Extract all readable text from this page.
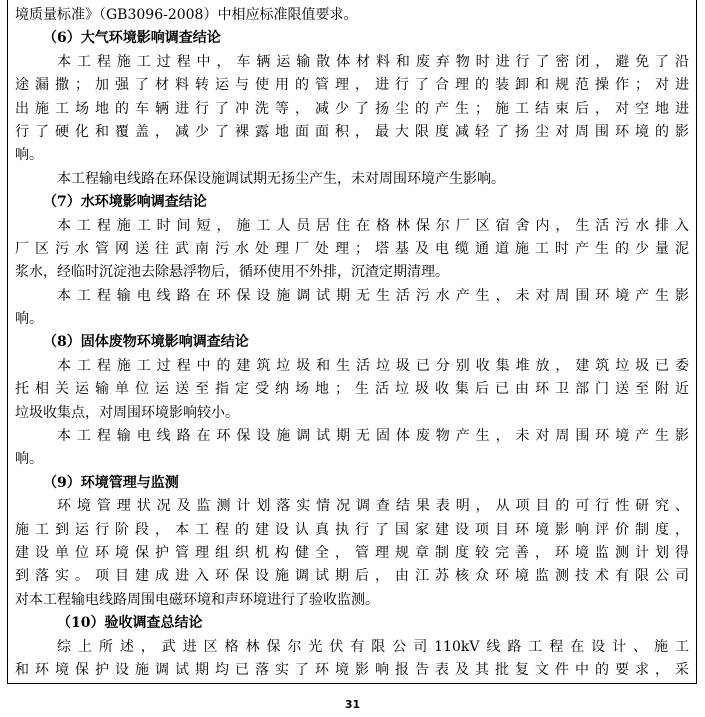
境质量标准》（GB3096-2008）中相应标准限值要求。
（6）大气环境影响调查结论
本工程施工过程中，车辆运输散体材料和废弃物时进行了密闭，避免了沿
途漏撒；加强了材料转运与使用的管理，进行了合理的装卸和规范操作；对进
出施工场地的车辆进行了冲洗等，减少了扬尘的产生；施工结束后，对空地进
行了硬化和覆盖，减少了裸露地面面积，最大限度减轻了扬尘对周围环境的影
响。
本工程输电线路在环保设施调试期无扬尘产生，未对周围环境产生影响。
（7）水环境影响调查结论
本工程施工时间短，施工人员居住在格林保尔厂区宿舍内，生活污水排入
厂区污水管网送往武南污水处理厂处理；塔基及电缆通道施工时产生的少量泥
浆水，经临时沉淀池去除悬浮物后，循环使用不外排，沉渣定期清理。
本工程输电线路在环保设施调试期无生活污水产生，未对周围环境产生影
响。
（8）固体废物环境影响调查结论
本工程施工过程中的建筑垃圾和生活垃圾已分别收集堆放，建筑垃圾已委
托相关运输单位运送至指定受纳场地；生活垃圾收集后已由环卫部门送至附近
垃圾收集点，对周围环境影响较小。
本工程输电线路在环保设施调试期无固体废物产生，未对周围环境产生影
响。
（9）环境管理与监测
环境管理状况及监测计划落实情况调查结果表明，从项目的可行性研究、
施工到运行阶段，本工程的建设认真执行了国家建设项目环境影响评价制度，
建设单位环境保护管理组织机构健全，管理规章制度较完善，环境监测计划得
到落实。项目建成进入环保设施调试期后，由江苏核众环境监测技术有限公司
对本工程输电线路周围电磁环境和声环境进行了验收监测。
（10）验收调查总结论
综上所述，武进区格林保尔光伏有限公司110kV线路工程在设计、施工
和环境保护设施调试期均已落实了环境影响报告表及其批复文件中的要求，采
31
